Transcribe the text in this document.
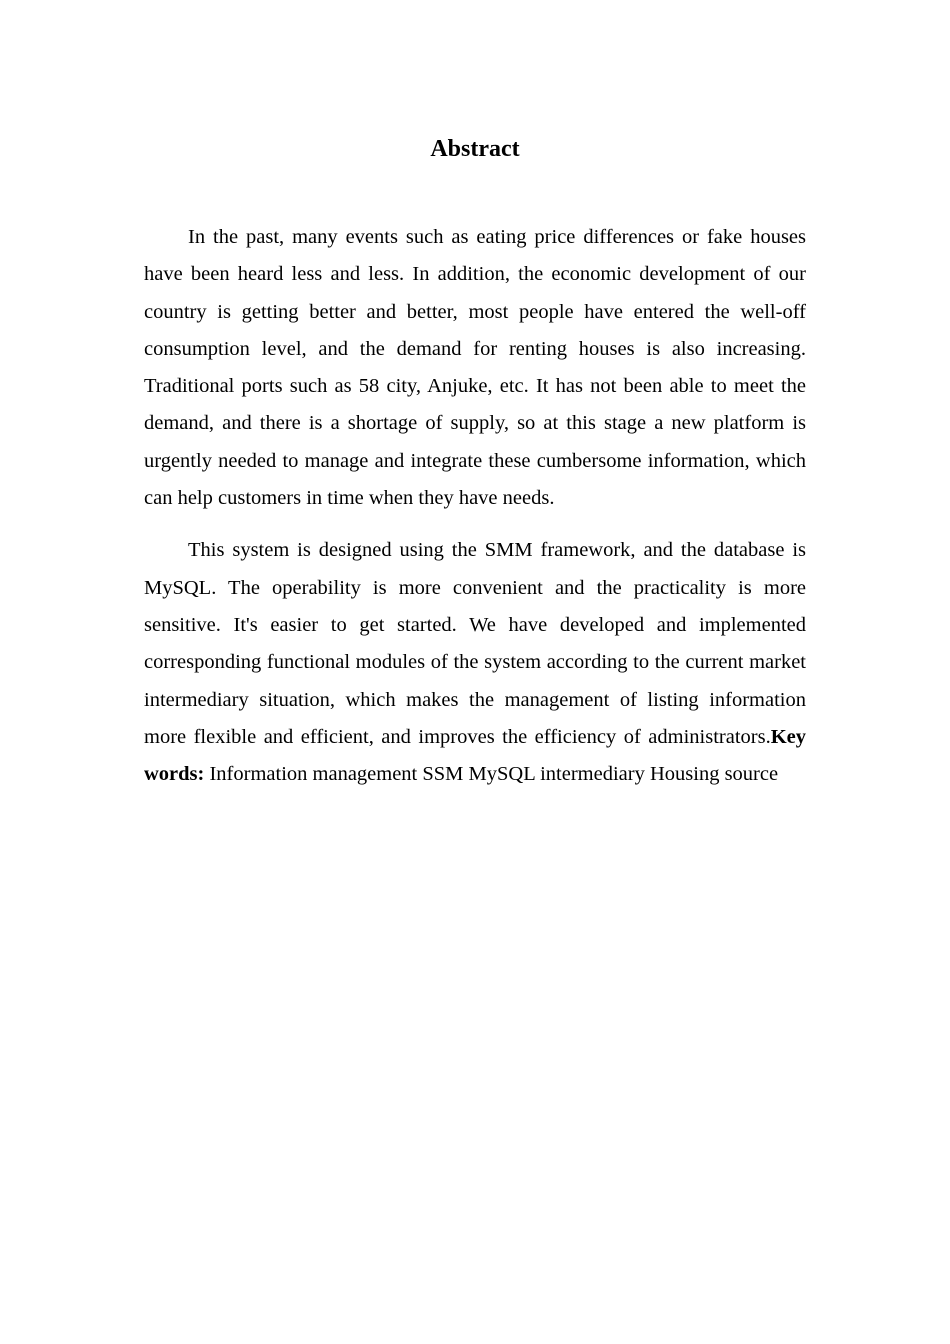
Abstract

In the past, many events such as eating price differences or fake houses have been heard less and less. In addition, the economic development of our country is getting better and better, most people have entered the well-off consumption level, and the demand for renting houses is also increasing. Traditional ports such as 58 city, Anjuke, etc. It has not been able to meet the demand, and there is a shortage of supply, so at this stage a new platform is urgently needed to manage and integrate these cumbersome information, which can help customers in time when they have needs.

This system is designed using the SMM framework, and the database is MySQL. The operability is more convenient and the practicality is more sensitive. It's easier to get started. We have developed and implemented corresponding functional modules of the system according to the current market intermediary situation, which makes the management of listing information more flexible and efficient, and improves the efficiency of administrators.Key words: Information management SSM MySQL intermediary Housing source
